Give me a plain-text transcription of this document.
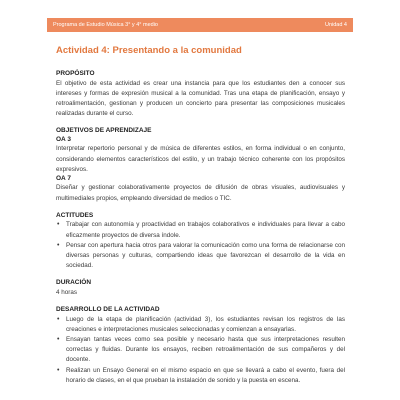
Programa de Estudio Música 3° y 4° medio	Unidad 4
Actividad 4: Presentando a la comunidad
PROPÓSITO

El objetivo de esta actividad es crear una instancia para que los estudiantes den a conocer sus intereses y formas de expresión musical a la comunidad. Tras una etapa de planificación, ensayo y retroalimentación, gestionan y producen un concierto para presentar las composiciones musicales realizadas durante el curso.

OBJETIVOS DE APRENDIZAJE
OA 3

Interpretar repertorio personal y de música de diferentes estilos, en forma individual o en conjunto, considerando elementos característicos del estilo, y un trabajo técnico coherente con los propósitos expresivos.

OA 7

Diseñar y gestionar colaborativamente proyectos de difusión de obras visuales, audiovisuales y multimediales propios, empleando diversidad de medios o TIC.

ACTITUDES
• Trabajar con autonomía y proactividad en trabajos colaborativos e individuales para llevar a cabo eficazmente proyectos de diversa índole.
• Pensar con apertura hacia otros para valorar la comunicación como una forma de relacionarse con diversas personas y culturas, compartiendo ideas que favorezcan el desarrollo de la vida en sociedad.
DURACIÓN

4 horas

DESARROLLO DE LA ACTIVIDAD
• Luego de la etapa de planificación (actividad 3), los estudiantes revisan los registros de las creaciones e interpretaciones musicales seleccionadas y comienzan a ensayarlas.
• Ensayan tantas veces como sea posible y necesario hasta que sus interpretaciones resulten correctas y fluidas. Durante los ensayos, reciben retroalimentación de sus compañeros y del docente.
• Realizan un Ensayo General en el mismo espacio en que se llevará a cabo el evento, fuera del horario de clases, en el que prueban la instalación de sonido y la puesta en escena.
